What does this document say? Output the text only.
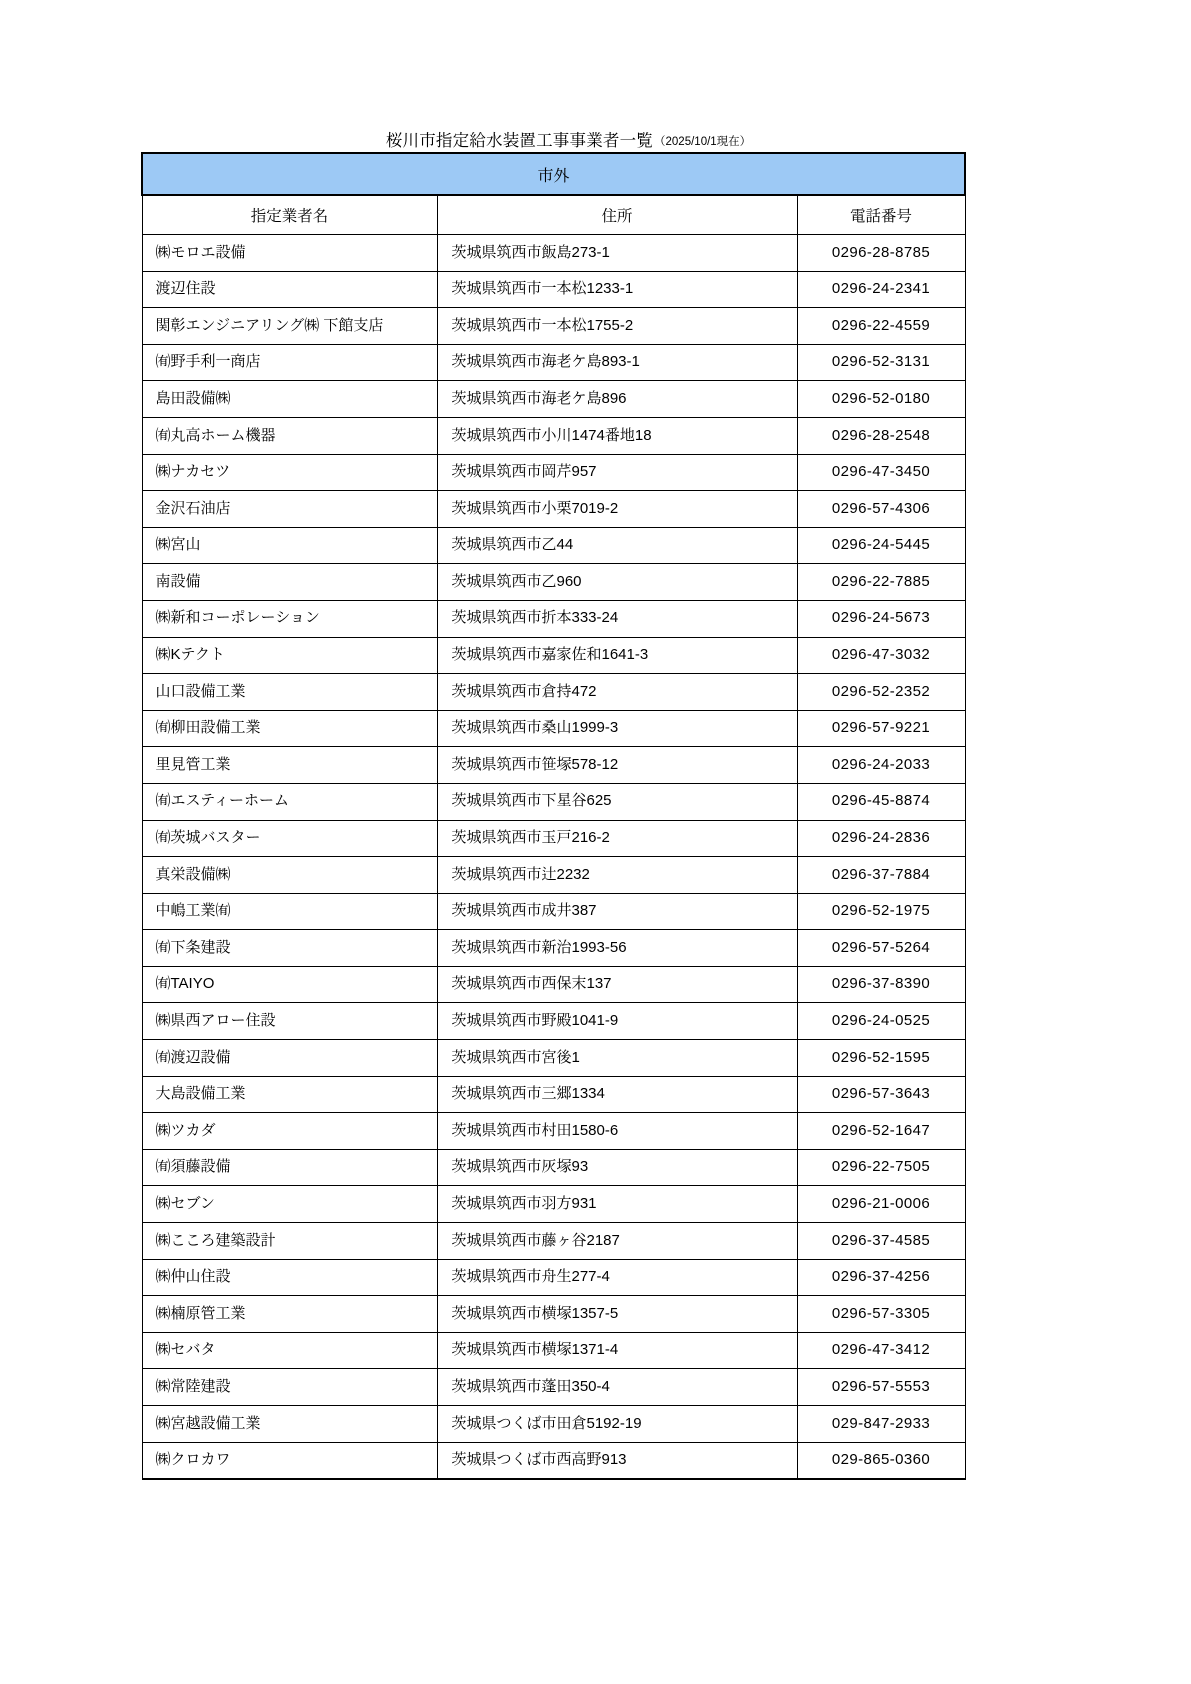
桜川市指定給水装置工事事業者一覧 （2025/10/1現在）
市外		
指定業者名	住所	電話番号

㈱モロエ設備	茨城県筑西市飯島273-1	0296-28-8785

渡辺住設	茨城県筑西市一本松1233-1	0296-24-2341

関彰エンジニアリング㈱ 下館支店	茨城県筑西市一本松1755-2	0296-22-4559

㈲野手利一商店	茨城県筑西市海老ケ島893-1	0296-52-3131

島田設備㈱	茨城県筑西市海老ケ島896	0296-52-0180

㈲丸高ホーム機器	茨城県筑西市小川1474番地18	0296-28-2548

㈱ナカセツ	茨城県筑西市岡芹957	0296-47-3450

金沢石油店	茨城県筑西市小栗7019-2	0296-57-4306

㈱宮山	茨城県筑西市乙44	0296-24-5445

南設備	茨城県筑西市乙960	0296-22-7885

㈱新和コーポレーション	茨城県筑西市折本333-24	0296-24-5673

㈱Kテクト	茨城県筑西市嘉家佐和1641-3	0296-47-3032

山口設備工業	茨城県筑西市倉持472	0296-52-2352

㈲柳田設備工業	茨城県筑西市桑山1999-3	0296-57-9221

里見管工業	茨城県筑西市笹塚578-12	0296-24-2033

㈲エスティーホーム	茨城県筑西市下星谷625	0296-45-8874

㈲茨城バスター	茨城県筑西市玉戸216-2	0296-24-2836

真栄設備㈱	茨城県筑西市辻2232	0296-37-7884

中嶋工業㈲	茨城県筑西市成井387	0296-52-1975

㈲下条建設	茨城県筑西市新治1993-56	0296-57-5264

㈲TAIYO	茨城県筑西市西保末137	0296-37-8390

㈱県西アロー住設	茨城県筑西市野殿1041-9	0296-24-0525

㈲渡辺設備	茨城県筑西市宮後1	0296-52-1595

大島設備工業	茨城県筑西市三郷1334	0296-57-3643

㈱ツカダ	茨城県筑西市村田1580-6	0296-52-1647

㈲須藤設備	茨城県筑西市灰塚93	0296-22-7505

㈱セブン	茨城県筑西市羽方931	0296-21-0006

㈱こころ建築設計	茨城県筑西市藤ヶ谷2187	0296-37-4585

㈱仲山住設	茨城県筑西市舟生277-4	0296-37-4256

㈱楠原管工業	茨城県筑西市横塚1357-5	0296-57-3305

㈱セバタ	茨城県筑西市横塚1371-4	0296-47-3412

㈱常陸建設	茨城県筑西市蓬田350-4	0296-57-5553

㈱宮越設備工業	茨城県つくば市田倉5192-19	029-847-2933

㈱クロカワ	茨城県つくば市西高野913	029-865-0360
